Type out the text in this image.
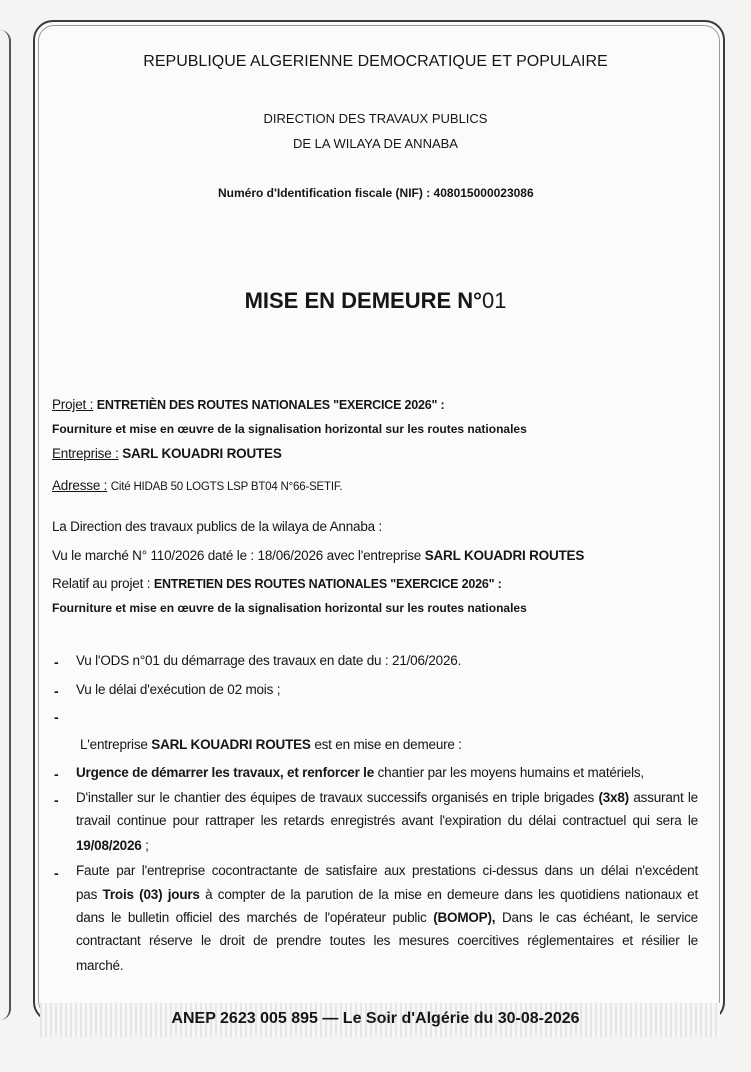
REPUBLIQUE ALGERIENNE DEMOCRATIQUE ET POPULAIRE
DIRECTION DES TRAVAUX PUBLICS
DE LA WILAYA DE ANNABA
Numéro d'Identification fiscale (NIF) : 408015000023086
MISE EN DEMEURE N°01
Projet : ENTRETIÈN DES ROUTES NATIONALES "EXERCICE 2026" :
Fourniture et mise en œuvre de la signalisation horizontal sur les routes nationales
Entreprise : SARL KOUADRI ROUTES
Adresse : Cité HIDAB 50 LOGTS LSP BT04 N°66-SETIF.
La Direction des travaux publics de la wilaya de Annaba :
Vu le marché N° 110/2026 daté le : 18/06/2026 avec l'entreprise SARL KOUADRI ROUTES
Relatif au projet : ENTRETIEN DES ROUTES NATIONALES "EXERCICE 2026" :
Fourniture et mise en œuvre de la signalisation horizontal sur les routes nationales
- Vu l'ODS n°01 du démarrage des travaux en date du : 21/06/2026.
- Vu le délai d'exécution de 02 mois ;
-
L'entreprise SARL KOUADRI ROUTES est en mise en demeure :
- Urgence de démarrer les travaux, et renforcer le chantier par les moyens humains et matériels,
- D'installer sur le chantier des équipes de travaux successifs organisés en triple brigades (3x8) assurant le
travail continue pour rattraper les retards enregistrés avant l'expiration du délai contractuel qui sera le
19/08/2026 ;
- Faute par l'entreprise cocontractante de satisfaire aux prestations ci-dessus dans un délai n'excédent
pas Trois (03) jours à compter de la parution de la mise en demeure dans les quotidiens nationaux et
dans le bulletin officiel des marchés de l'opérateur public (BOMOP), Dans le cas échéant, le service
contractant réserve le droit de prendre toutes les mesures coercitives réglementaires et résilier le
marché.
ANEP 2623 005 895 — Le Soir d'Algérie du 30-08-2026
